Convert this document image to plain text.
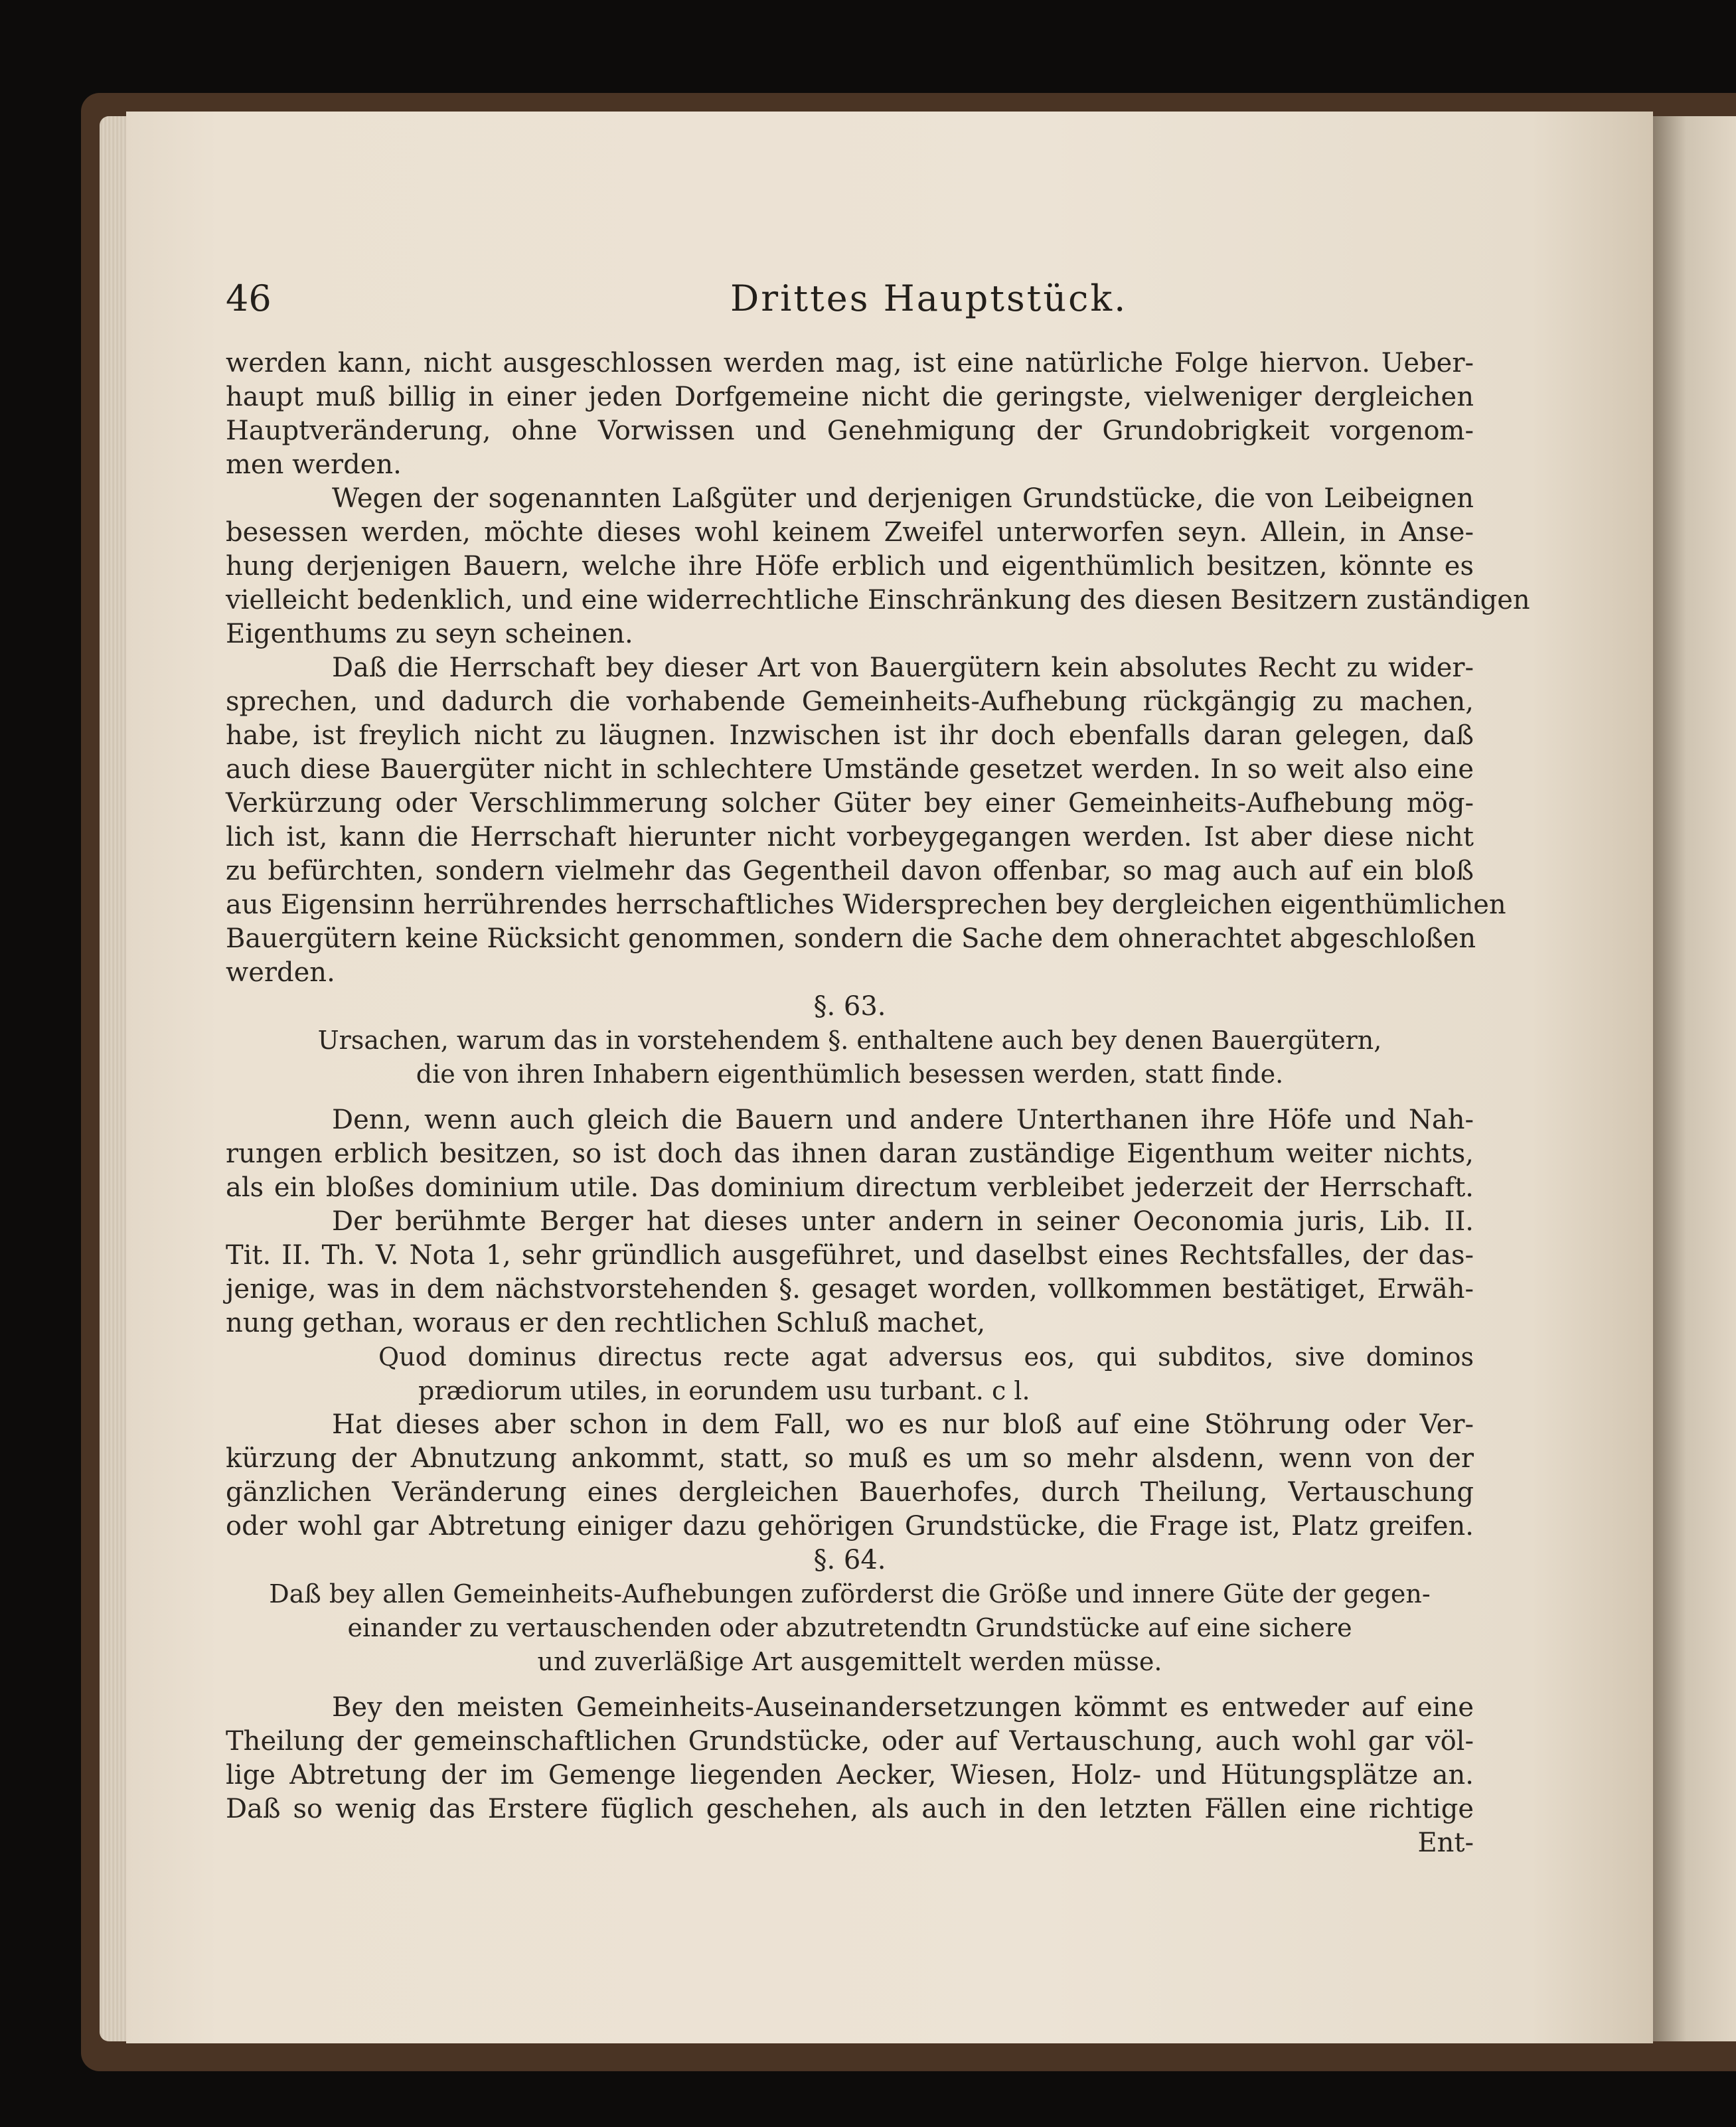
46	Drittes Hauptstück.
werden kann, nicht ausgeschlossen werden mag, ist eine natürliche Folge hiervon. Ueber-
haupt muß billig in einer jeden Dorfgemeine nicht die geringste, vielweniger dergleichen
Hauptveränderung, ohne Vorwissen und Genehmigung der Grundobrigkeit vorgenom-
men werden.
Wegen der sogenannten Laßgüter und derjenigen Grundstücke, die von Leibeignen
besessen werden, möchte dieses wohl keinem Zweifel unterworfen seyn. Allein, in Anse-
hung derjenigen Bauern, welche ihre Höfe erblich und eigenthümlich besitzen, könnte es
vielleicht bedenklich, und eine widerrechtliche Einschränkung des diesen Besitzern zuständigen
Eigenthums zu seyn scheinen.
Daß die Herrschaft bey dieser Art von Bauergütern kein absolutes Recht zu wider-
sprechen, und dadurch die vorhabende Gemeinheits-Aufhebung rückgängig zu machen,
habe, ist freylich nicht zu läugnen. Inzwischen ist ihr doch ebenfalls daran gelegen, daß
auch diese Bauergüter nicht in schlechtere Umstände gesetzet werden. In so weit also eine
Verkürzung oder Verschlimmerung solcher Güter bey einer Gemeinheits-Aufhebung mög-
lich ist, kann die Herrschaft hierunter nicht vorbeygegangen werden. Ist aber diese nicht
zu befürchten, sondern vielmehr das Gegentheil davon offenbar, so mag auch auf ein bloß
aus Eigensinn herrührendes herrschaftliches Widersprechen bey dergleichen eigenthümlichen
Bauergütern keine Rücksicht genommen, sondern die Sache dem ohnerachtet abgeschloßen
werden.
§. 63.
Ursachen, warum das in vorstehendem §. enthaltene auch bey denen Bauergütern,
die von ihren Inhabern eigenthümlich besessen werden, statt finde.
Denn, wenn auch gleich die Bauern und andere Unterthanen ihre Höfe und Nah-
rungen erblich besitzen, so ist doch das ihnen daran zuständige Eigenthum weiter nichts,
als ein bloßes dominium utile. Das dominium directum verbleibet jederzeit der Herrschaft.
Der berühmte Berger hat dieses unter andern in seiner Oeconomia juris, Lib. II.
Tit. II. Th. V. Nota 1, sehr gründlich ausgeführet, und daselbst eines Rechtsfalles, der das-
jenige, was in dem nächstvorstehenden §. gesaget worden, vollkommen bestätiget, Erwäh-
nung gethan, woraus er den rechtlichen Schluß machet,
Quod dominus directus recte agat adversus eos, qui subditos, sive dominos
prædiorum utiles, in eorundem usu turbant. c l.
Hat dieses aber schon in dem Fall, wo es nur bloß auf eine Stöhrung oder Ver-
kürzung der Abnutzung ankommt, statt, so muß es um so mehr alsdenn, wenn von der
gänzlichen Veränderung eines dergleichen Bauerhofes, durch Theilung, Vertauschung
oder wohl gar Abtretung einiger dazu gehörigen Grundstücke, die Frage ist, Platz greifen.
§. 64.
Daß bey allen Gemeinheits-Aufhebungen zuförderst die Größe und innere Güte der gegen-
einander zu vertauschenden oder abzutretendtn Grundstücke auf eine sichere
und zuverläßige Art ausgemittelt werden müsse.
Bey den meisten Gemeinheits-Auseinandersetzungen kömmt es entweder auf eine
Theilung der gemeinschaftlichen Grundstücke, oder auf Vertauschung, auch wohl gar völ-
lige Abtretung der im Gemenge liegenden Aecker, Wiesen, Holz- und Hütungsplätze an.
Daß so wenig das Erstere füglich geschehen, als auch in den letzten Fällen eine richtige
Ent-
